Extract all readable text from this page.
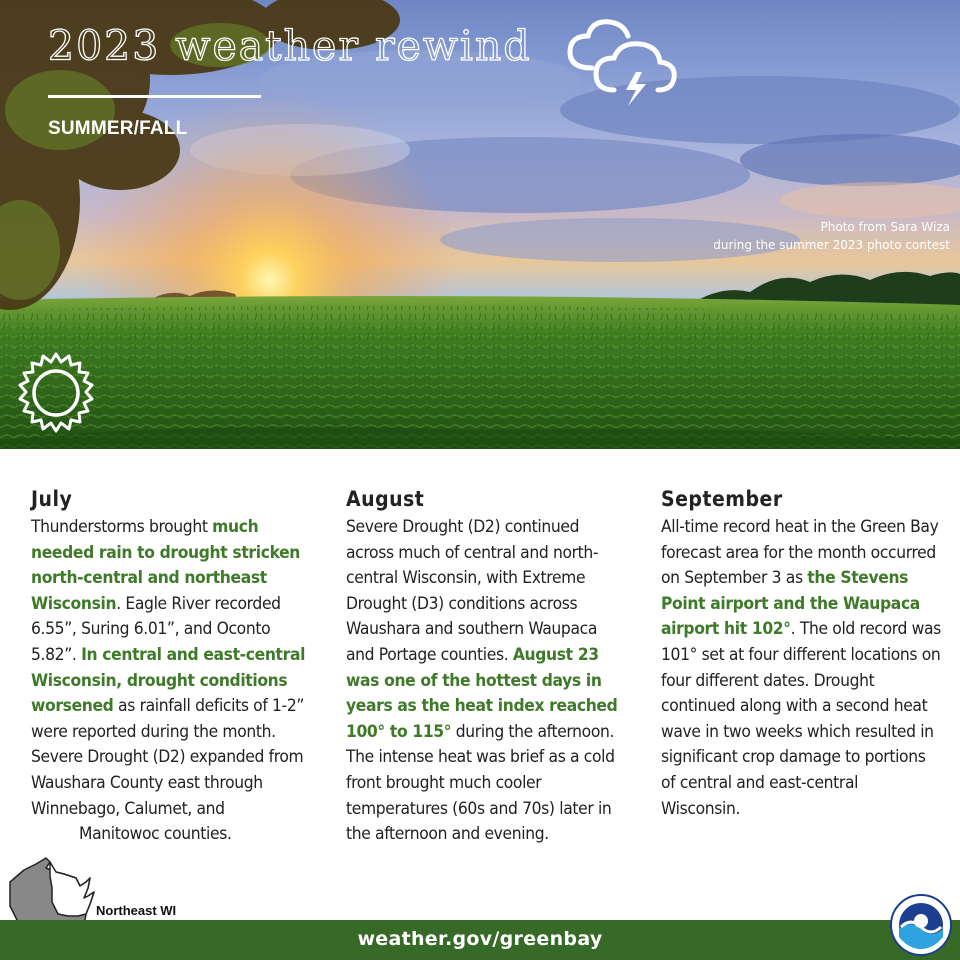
2023 weather rewind
SUMMER/FALL
Photo from Sara Wiza
during the summer 2023 photo contest
July

Thunderstorms brought much needed rain to drought stricken north-central and northeast Wisconsin. Eagle River recorded 6.55”, Suring 6.01”, and Oconto 5.82”. In central and east-central Wisconsin, drought conditions worsened as rainfall deficits of 1-2” were reported during the month. Severe Drought (D2) expanded from Waushara County east through Winnebago, Calumet, and

Manitowoc counties.

August

Severe Drought (D2) continued across much of central and north-central Wisconsin, with Extreme Drought (D3) conditions across Waushara and southern Waupaca and Portage counties. August 23 was one of the hottest days in years as the heat index reached 100° to 115° during the afternoon. The intense heat was brief as a cold front brought much cooler temperatures (60s and 70s) later in the afternoon and evening.

September

All-time record heat in the Green Bay forecast area for the month occurred on September 3 as the Stevens Point airport and the Waupaca airport hit 102°. The old record was 101° set at four different locations on four different dates. Drought continued along with a second heat wave in two weeks which resulted in significant crop damage to portions of central and east-central Wisconsin.

Northeast WI
weather.gov/greenbay
